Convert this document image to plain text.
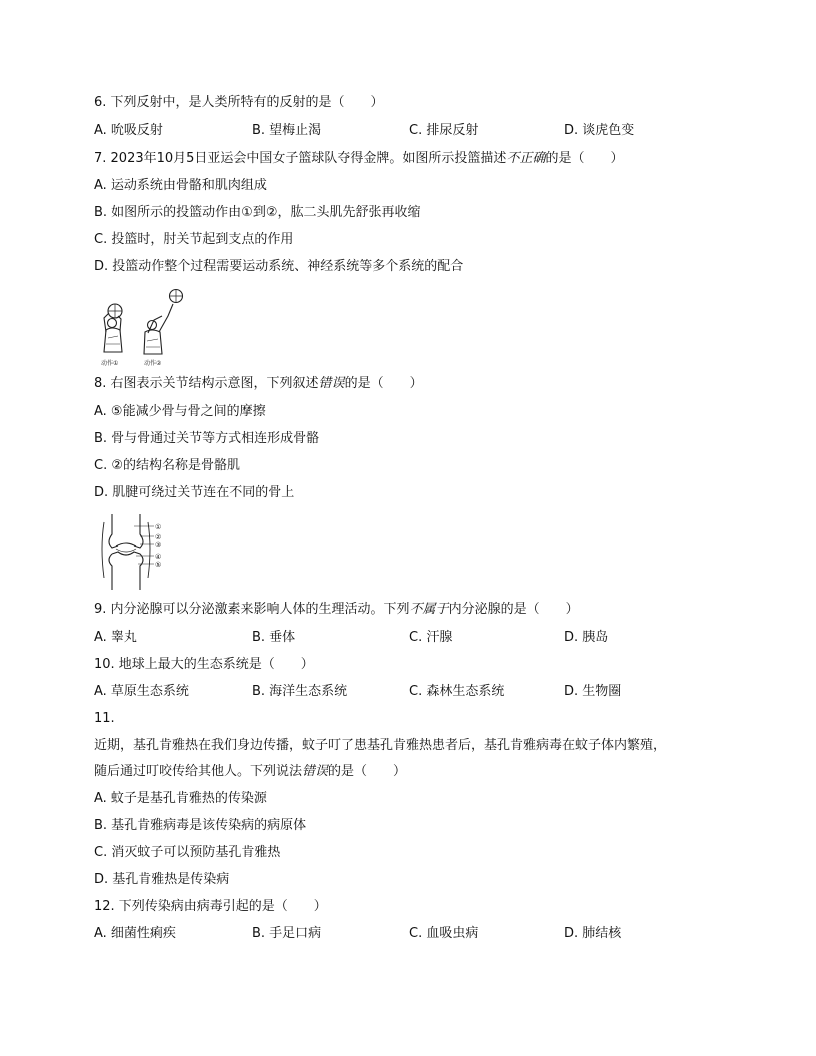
6. 下列反射中，是人类所特有的反射的是（　　）
A. 吮吸反射	B. 望梅止渴	C. 排尿反射	D. 谈虎色变
7. 2023年10月5日亚运会中国女子篮球队夺得金牌。如图所示投篮描述不正确的是（　　）
A. 运动系统由骨骼和肌肉组成
B. 如图所示的投篮动作由①到②，肱二头肌先舒张再收缩
C. 投篮时，肘关节起到支点的作用
D. 投篮动作整个过程需要运动系统、神经系统等多个系统的配合
动作①	动作②
8. 右图表示关节结构示意图，下列叙述错误的是（　　）
A. ⑤能减少骨与骨之间的摩擦
B. 骨与骨通过关节等方式相连形成骨骼
C. ②的结构名称是骨骼肌
D. 肌腱可绕过关节连在不同的骨上
①
②
③
④
⑤
9. 内分泌腺可以分泌激素来影响人体的生理活动。下列不属于内分泌腺的是（　　）
A. 睾丸	B. 垂体	C. 汗腺	D. 胰岛
10. 地球上最大的生态系统是（　　）
A. 草原生态系统	B. 海洋生态系统	C. 森林生态系统	D. 生物圈
11.
近期，基孔肯雅热在我们身边传播，蚊子叮了患基孔肯雅热患者后，基孔肯雅病毒在蚊子体内繁殖，
随后通过叮咬传给其他人。下列说法错误的是（　　）
A. 蚊子是基孔肯雅热的传染源
B. 基孔肯雅病毒是该传染病的病原体
C. 消灭蚊子可以预防基孔肯雅热
D. 基孔肯雅热是传染病
12. 下列传染病由病毒引起的是（　　）
A. 细菌性痢疾	B. 手足口病	C. 血吸虫病	D. 肺结核
